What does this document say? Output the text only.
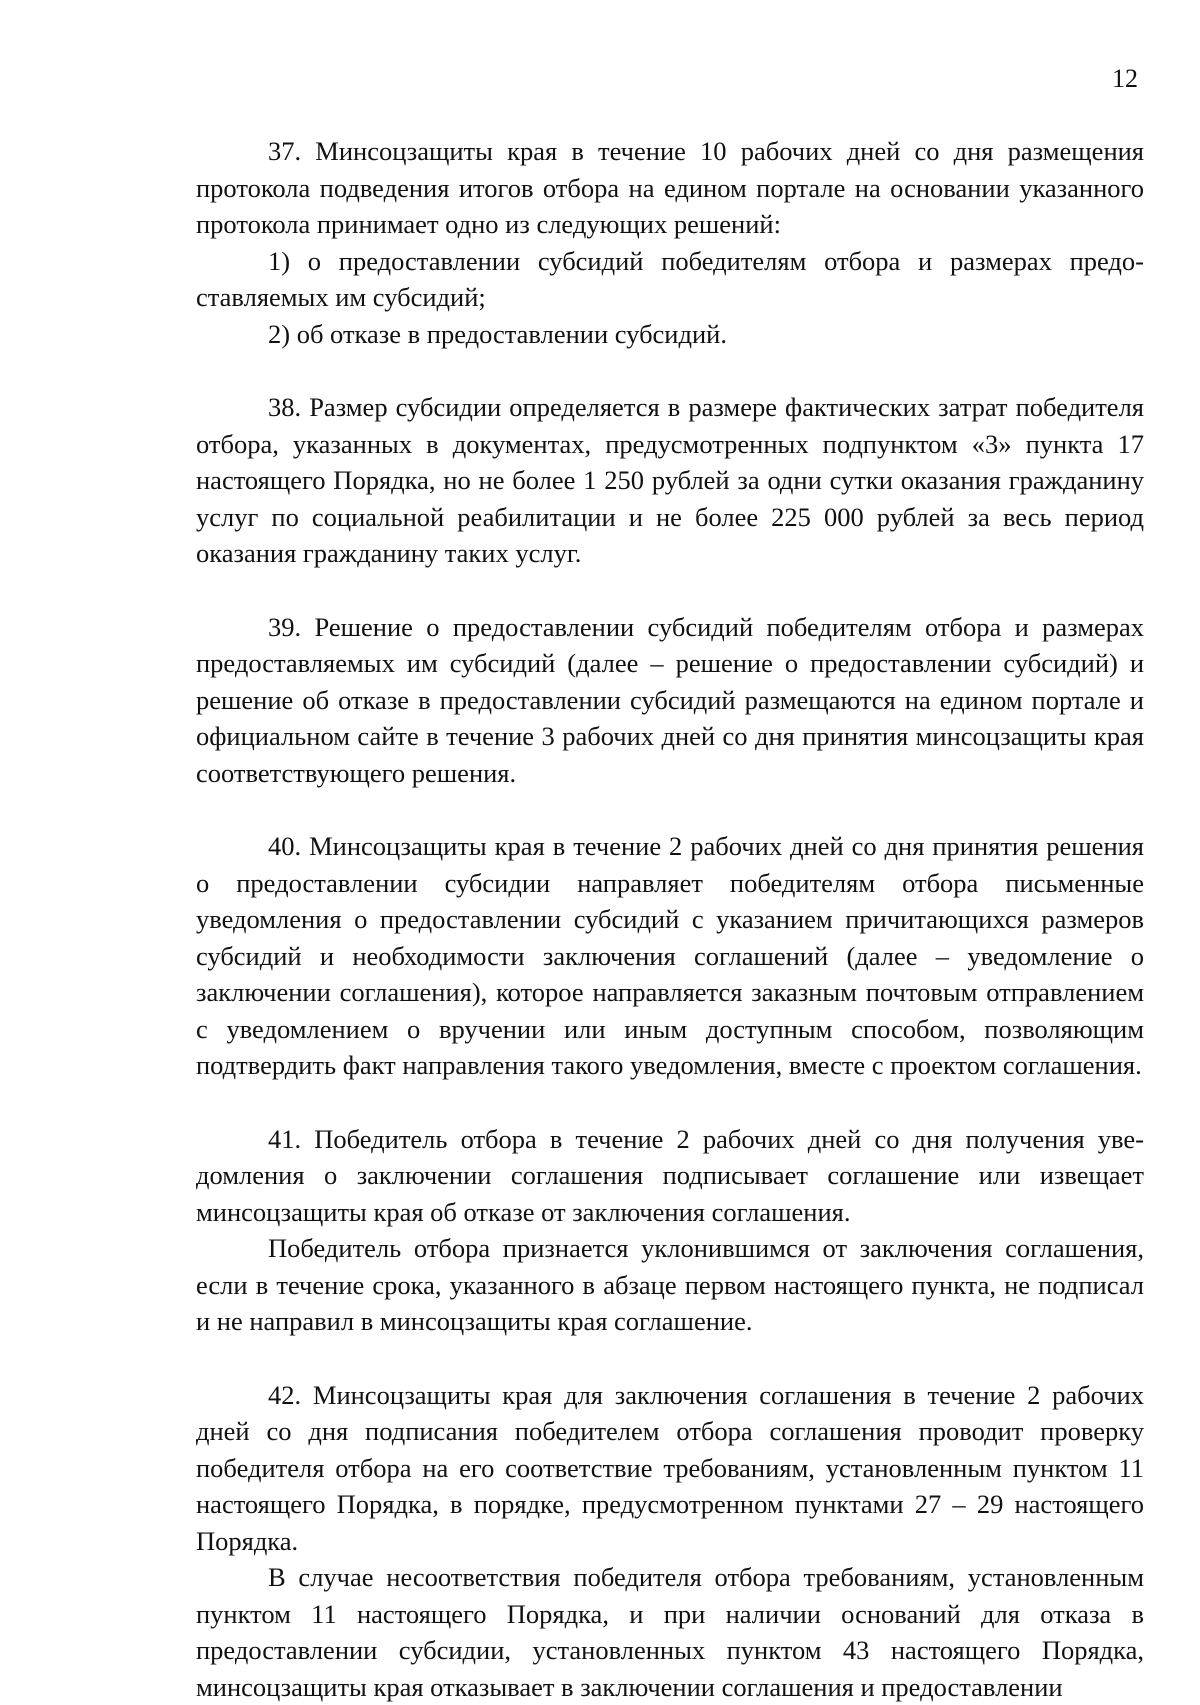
12

37. Минсоцзащиты края в течение 10 рабочих дней со дня размещения протокола подведения итогов отбора на едином портале на основании указанного протокола принимает одно из следующих решений:

1) о предоставлении субсидий победителям отбора и размерах предоставляемых им субсидий;

2) об отказе в предоставлении субсидий.

38. Размер субсидии определяется в размере фактических затрат победителя отбора, указанных в документах, предусмотренных подпунктом «3» пункта 17 настоящего Порядка, но не более 1 250 рублей за одни сутки оказания гражданину услуг по социальной реабилитации и не более 225 000 рублей за весь период оказания гражданину таких услуг.

39. Решение о предоставлении субсидий победителям отбора и размерах предоставляемых им субсидий (далее – решение о предоставлении субсидий) и решение об отказе в предоставлении субсидий размещаются на едином портале и официальном сайте в течение 3 рабочих дней со дня принятия минсоцзащиты края соответствующего решения.

40. Минсоцзащиты края в течение 2 рабочих дней со дня принятия решения о предоставлении субсидии направляет победителям отбора письменные уведомления о предоставлении субсидий с указанием причитающихся размеров субсидий и необходимости заключения соглашений (далее – уведомление о заключении соглашения), которое направляется заказным почтовым отправлением с уведомлением о вручении или иным доступным способом, позволяющим подтвердить факт направления такого уведомления, вместе с проектом соглашения.

41. Победитель отбора в течение 2 рабочих дней со дня получения уведомления о заключении соглашения подписывает соглашение или извещает минсоцзащиты края об отказе от заключения соглашения.

Победитель отбора признается уклонившимся от заключения соглашения, если в течение срока, указанного в абзаце первом настоящего пункта, не подписал и не направил в минсоцзащиты края соглашение.

42. Минсоцзащиты края для заключения соглашения в течение 2 рабочих дней со дня подписания победителем отбора соглашения проводит проверку победителя отбора на его соответствие требованиям, установленным пунктом 11 настоящего Порядка, в порядке, предусмотренном пунктами 27 – 29 настоящего Порядка.

В случае несоответствия победителя отбора требованиям, установленным пунктом 11 настоящего Порядка, и при наличии оснований для отказа в предоставлении субсидии, установленных пунктом 43 настоящего Порядка, минсоцзащиты края отказывает в заключении соглашения и предоставлении
